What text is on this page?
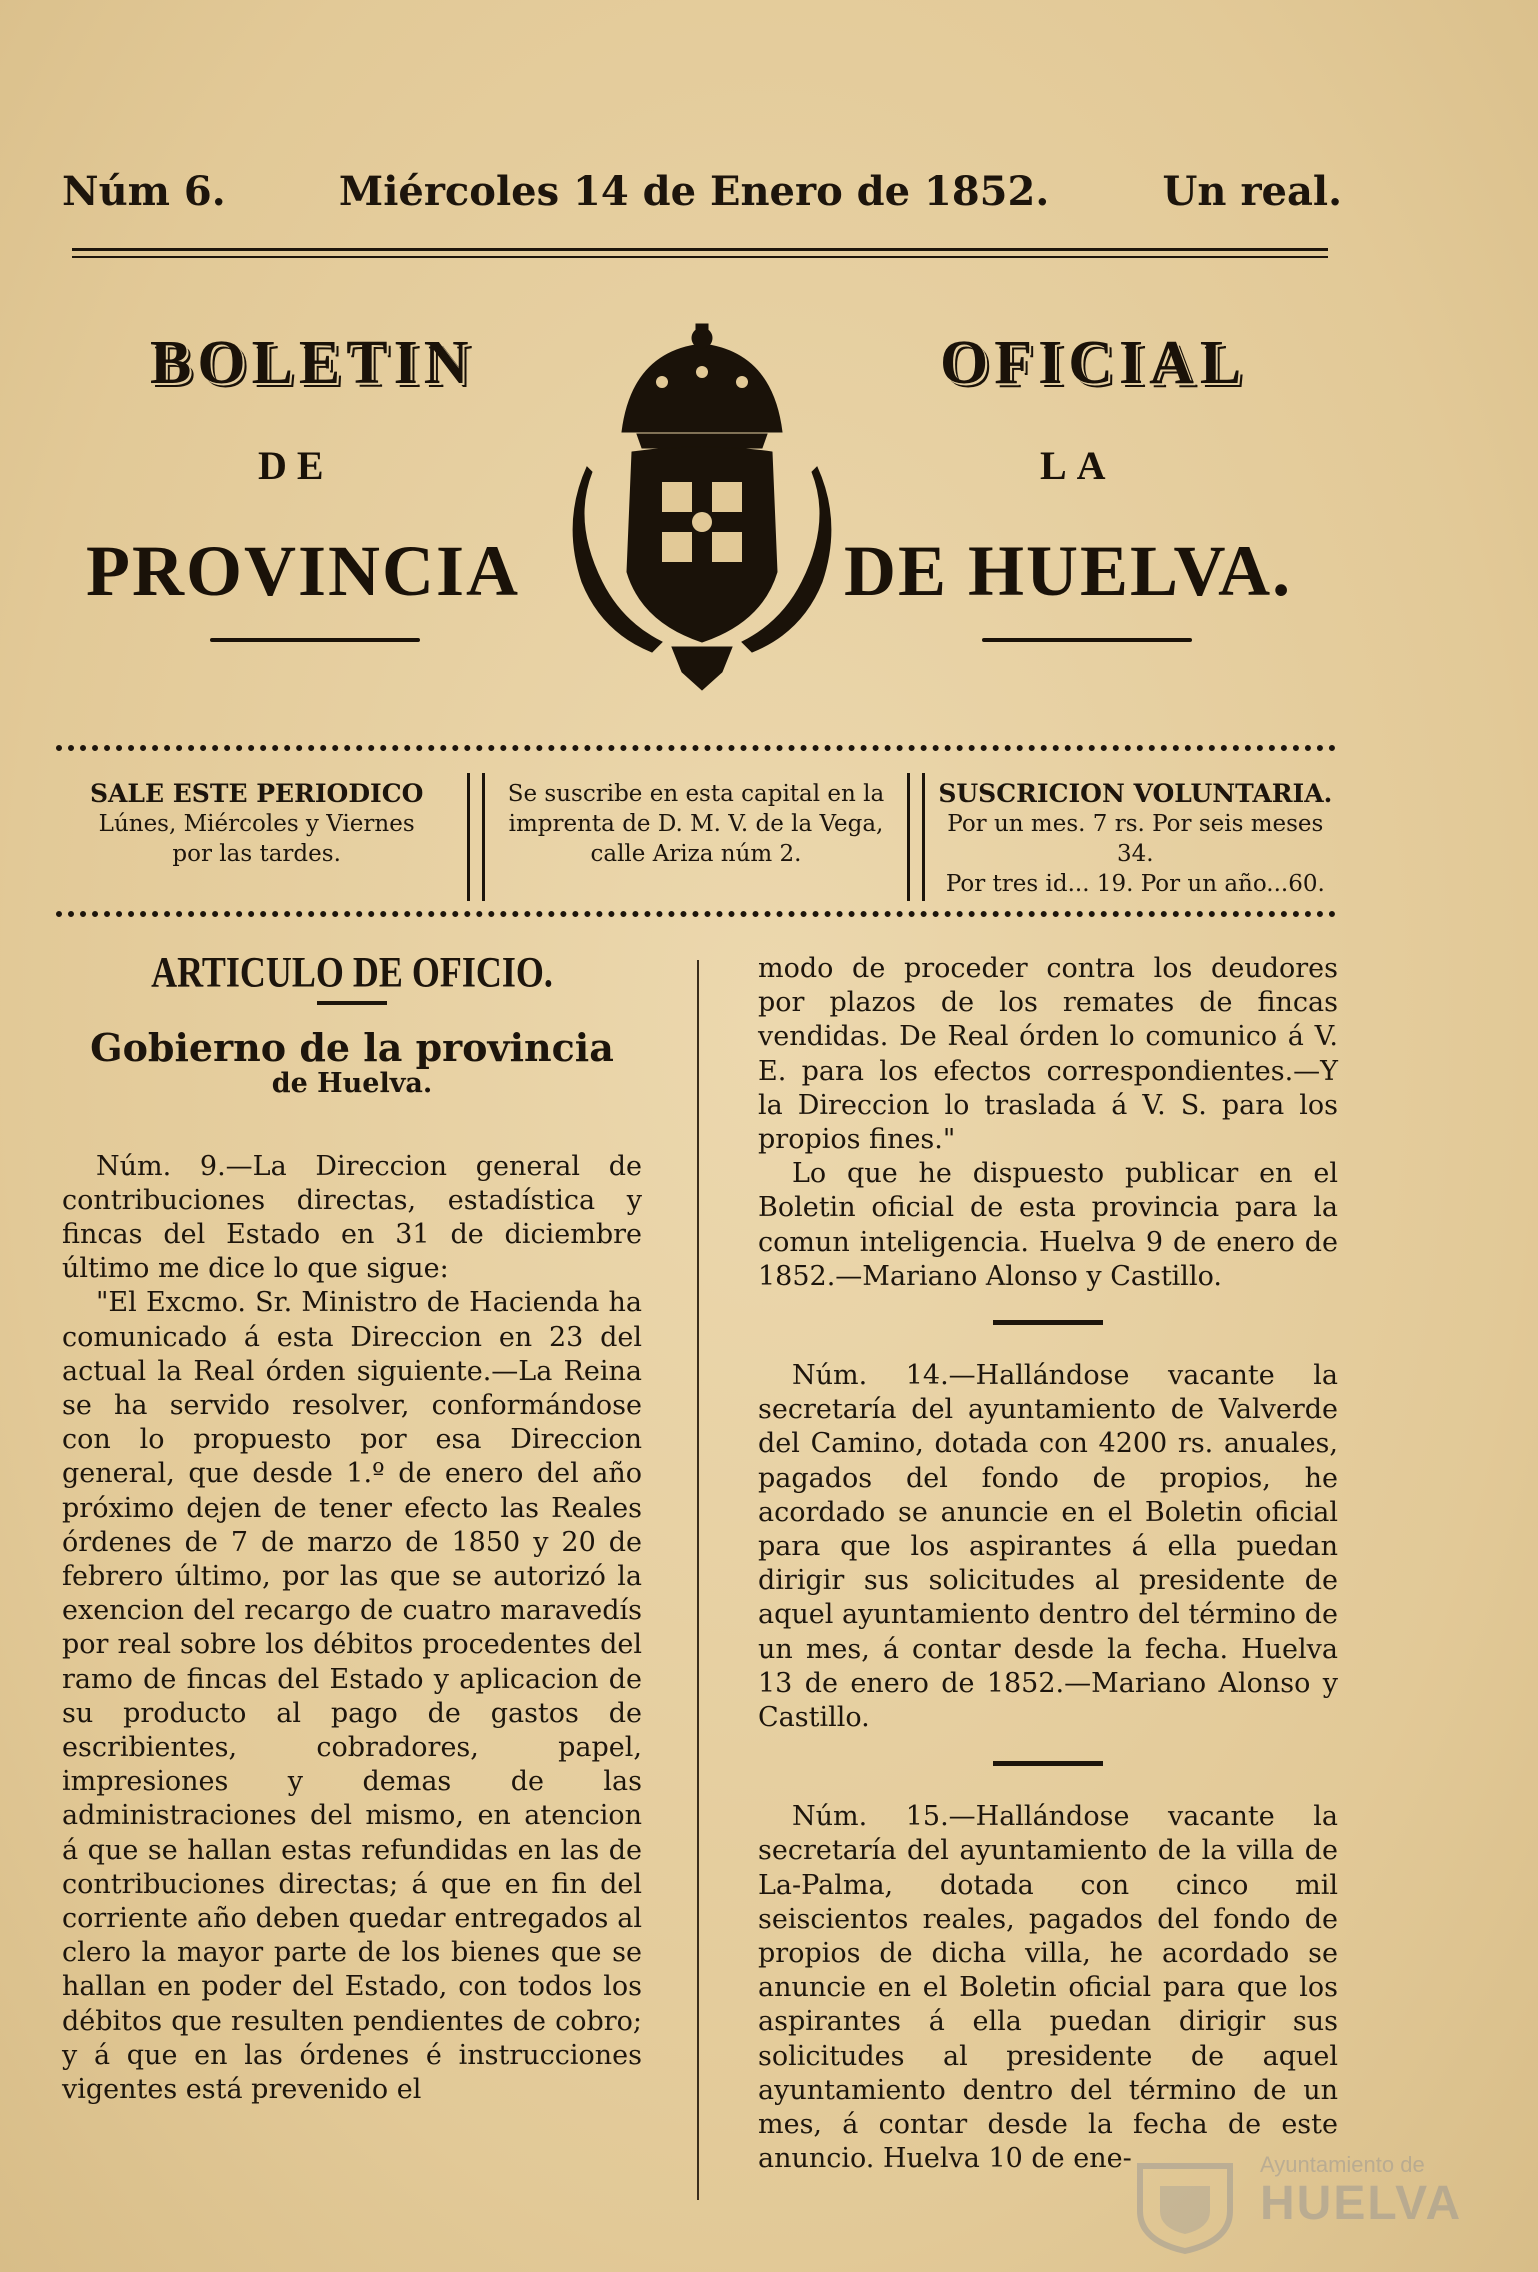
Núm 6.	Miércoles 14 de Enero de 1852.	Un real.
BOLETIN	OFICIAL
DE	LA
PROVINCIA	DE HUELVA.
SALE ESTE PERIODICO
Lúnes, Miércoles y Viernes
por las tardes.
Se suscribe en esta capital en la
imprenta de D. M. V. de la Vega,
calle Ariza núm 2.
SUSCRICION VOLUNTARIA.
Por un mes. 7 rs. Por seis meses 34.
Por tres id... 19. Por un año...60.
ARTICULO DE OFICIO.
Gobierno de la provincia
de Huelva.

Núm. 9.—La Direccion general de contribuciones directas, estadística y fincas del Estado en 31 de diciembre último me dice lo que sigue:

"El Excmo. Sr. Ministro de Hacienda ha comunicado á esta Direccion en 23 del actual la Real órden siguiente.—La Reina se ha servido resolver, conformándose con lo propuesto por esa Direccion general, que desde 1.º de enero del año próximo dejen de tener efecto las Reales órdenes de 7 de marzo de 1850 y 20 de febrero último, por las que se autorizó la exencion del recargo de cuatro maravedís por real sobre los débitos procedentes del ramo de fincas del Estado y aplicacion de su producto al pago de gastos de escribientes, cobradores, papel, impresiones y demas de las administraciones del mismo, en atencion á que se hallan estas refundidas en las de contribuciones directas; á que en fin del corriente año deben quedar entregados al clero la mayor parte de los bienes que se hallan en poder del Estado, con todos los débitos que resulten pendientes de cobro; y á que en las órdenes é instrucciones vigentes está prevenido el

modo de proceder contra los deudores por plazos de los remates de fincas vendidas. De Real órden lo comunico á V. E. para los efectos correspondientes.—Y la Direccion lo traslada á V. S. para los propios fines."

Lo que he dispuesto publicar en el Boletin oficial de esta provincia para la comun inteligencia. Huelva 9 de enero de 1852.—Mariano Alonso y Castillo.

Núm. 14.—Hallándose vacante la secretaría del ayuntamiento de Valverde del Camino, dotada con 4200 rs. anuales, pagados del fondo de propios, he acordado se anuncie en el Boletin oficial para que los aspirantes á ella puedan dirigir sus solicitudes al presidente de aquel ayuntamiento dentro del término de un mes, á contar desde la fecha. Huelva 13 de enero de 1852.—Mariano Alonso y Castillo.

Núm. 15.—Hallándose vacante la secretaría del ayuntamiento de la villa de La-Palma, dotada con cinco mil seiscientos reales, pagados del fondo de propios de dicha villa, he acordado se anuncie en el Boletin oficial para que los aspirantes á ella puedan dirigir sus solicitudes al presidente de aquel ayuntamiento dentro del término de un mes, á contar desde la fecha de este anuncio. Huelva 10 de ene-	Ayuntamiento de
HUELVA
